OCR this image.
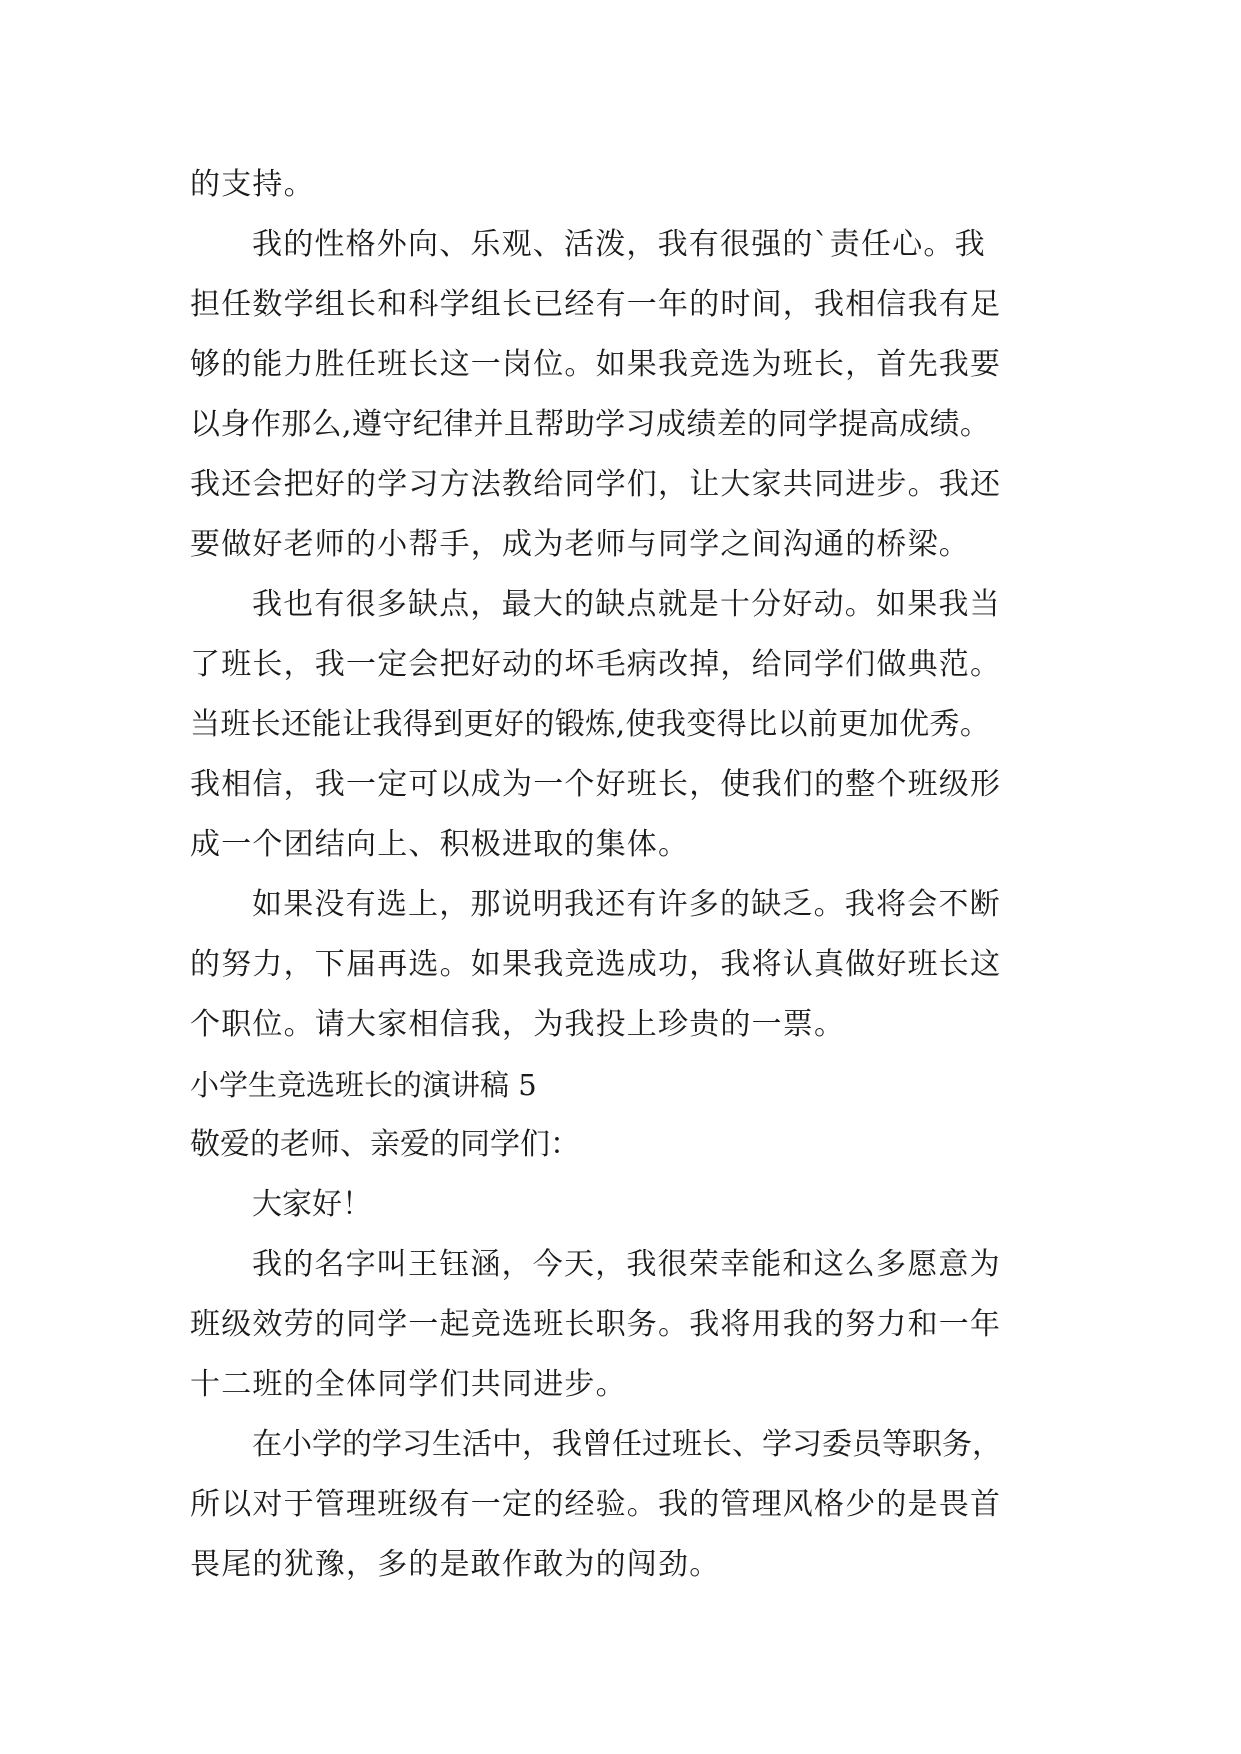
的支持。
我的性格外向、乐观、活泼，我有很强的`责任心。我
担任数学组长和科学组长已经有一年的时间，我相信我有足
够的能力胜任班长这一岗位。如果我竞选为班长，首先我要
以身作那么,遵守纪律并且帮助学习成绩差的同学提高成绩。
我还会把好的学习方法教给同学们，让大家共同进步。我还
要做好老师的小帮手，成为老师与同学之间沟通的桥梁。
我也有很多缺点，最大的缺点就是十分好动。如果我当
了班长，我一定会把好动的坏毛病改掉，给同学们做典范。
当班长还能让我得到更好的锻炼,使我变得比以前更加优秀。
我相信，我一定可以成为一个好班长，使我们的整个班级形
成一个团结向上、积极进取的集体。
如果没有选上，那说明我还有许多的缺乏。我将会不断
的努力，下届再选。如果我竞选成功，我将认真做好班长这
个职位。请大家相信我，为我投上珍贵的一票。
小学生竞选班长的演讲稿 5
敬爱的老师、亲爱的同学们：
大家好！
我的名字叫王钰涵，今天，我很荣幸能和这么多愿意为
班级效劳的同学一起竞选班长职务。我将用我的努力和一年
十二班的全体同学们共同进步。
在小学的学习生活中，我曾任过班长、学习委员等职务，
所以对于管理班级有一定的经验。我的管理风格少的是畏首
畏尾的犹豫，多的是敢作敢为的闯劲。
